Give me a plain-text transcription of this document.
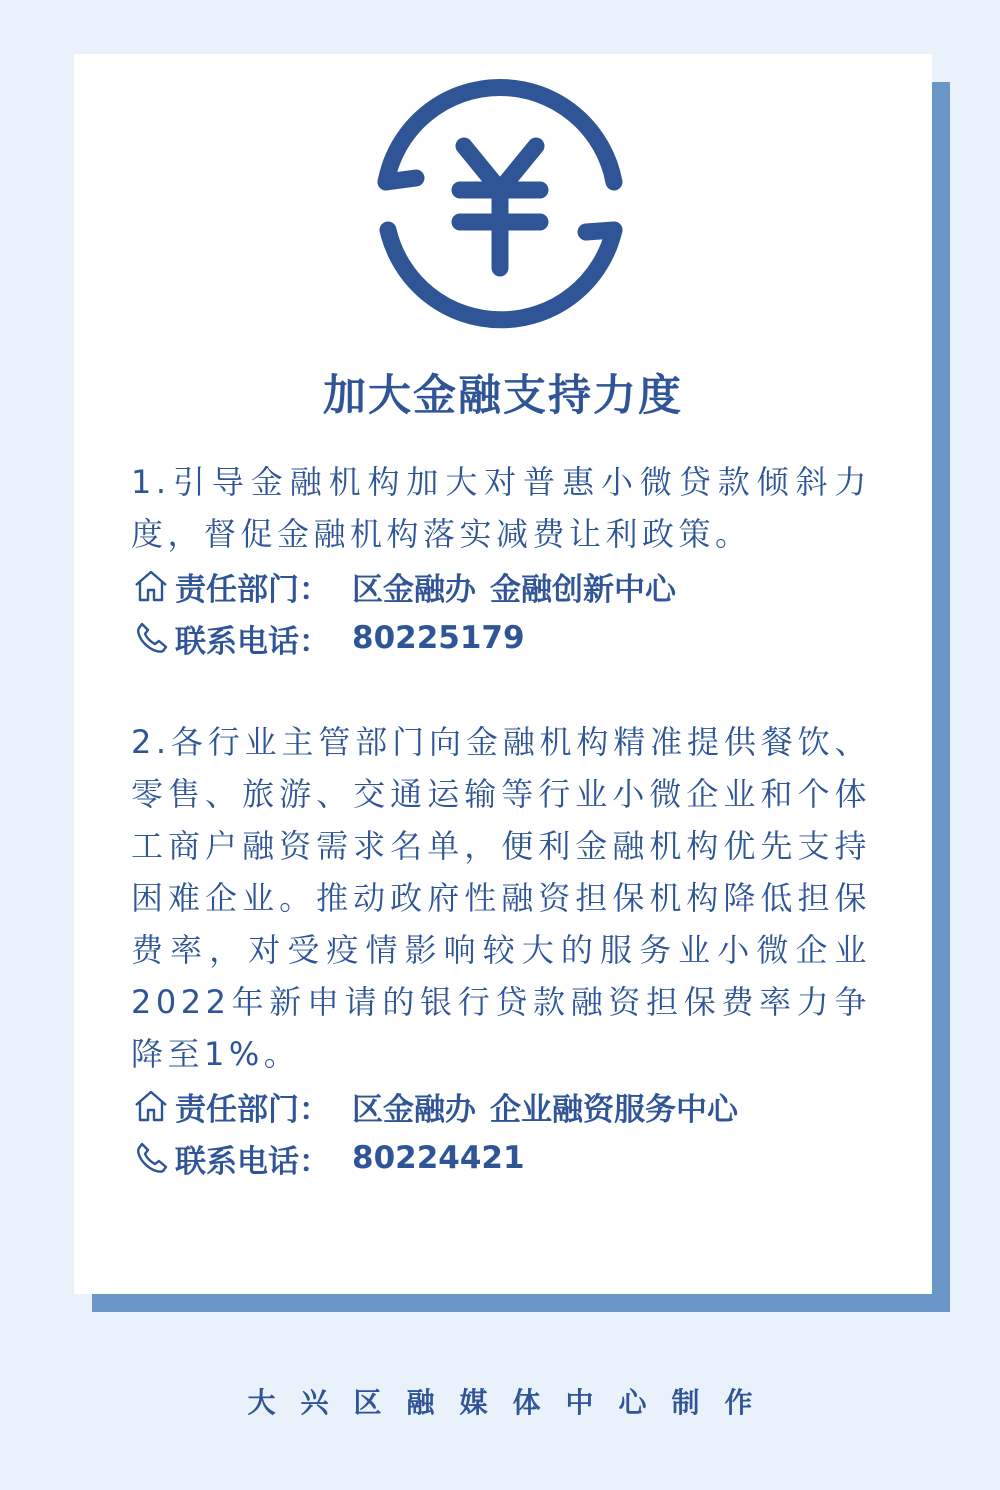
加大金融支持力度

1.引导金融机构加大对普惠小微贷款倾斜力度，督促金融机构落实减费让利政策。

责任部门 ： 区金融办 金融创新中心
联系电话 ： 80225179

2.各行业主管部门向金融机构精准提供餐饮、零售、旅游、交通运输等行业小微企业和个体工商户融资需求名单，便利金融机构优先支持困难企业。推动政府性融资担保机构降低担保费率，对受疫情影响较大的服务业小微企业2022年新申请的银行贷款融资担保费率力争降至1%。

责任部门 ： 区金融办 企业融资服务中心
联系电话 ： 80224421
大兴区融媒体中心制作
